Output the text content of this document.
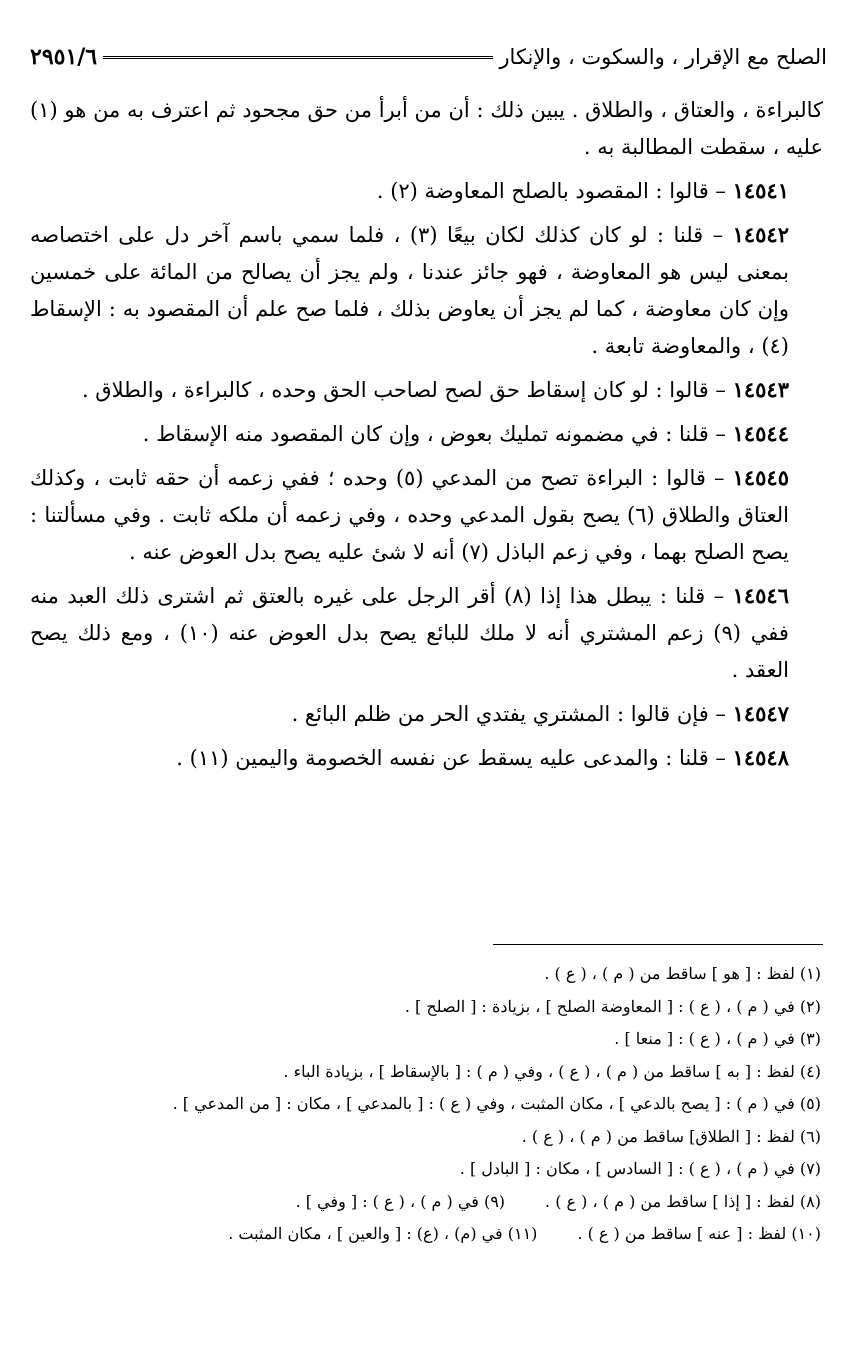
الصلح مع الإقرار ، والسكوت ، والإنكار
٢٩٥١/٦

كالبراءة ، والعتاق ، والطلاق . يبين ذلك : أن من أبرأ من حق مجحود ثم اعترف به من هو (١) عليه ، سقطت المطالبة به .

١٤٥٤١ – قالوا : المقصود بالصلح المعاوضة (٢) .

١٤٥٤٢ – قلنا : لو كان كذلك لكان بيعًا (٣) ، فلما سمي باسم آخر دل على اختصاصه بمعنى ليس هو المعاوضة ، فهو جائز عندنا ، ولم يجز أن يصالح من المائة على خمسين وإن كان معاوضة ، كما لم يجز أن يعاوض بذلك ، فلما صح علم أن المقصود به : الإسقاط (٤) ، والمعاوضة تابعة .

١٤٥٤٣ – قالوا : لو كان إسقاط حق لصح لصاحب الحق وحده ، كالبراءة ، والطلاق .

١٤٥٤٤ – قلنا : في مضمونه تمليك بعوض ، وإن كان المقصود منه الإسقاط .

١٤٥٤٥ – قالوا : البراءة تصح من المدعي (٥) وحده ؛ ففي زعمه أن حقه ثابت ، وكذلك العتاق والطلاق (٦) يصح بقول المدعي وحده ، وفي زعمه أن ملكه ثابت . وفي مسألتنا : يصح الصلح بهما ، وفي زعم الباذل (٧) أنه لا شئ عليه يصح بدل العوض عنه .

١٤٥٤٦ – قلنا : يبطل هذا إذا (٨) أقر الرجل على غيره بالعتق ثم اشترى ذلك العبد منه ففي (٩) زعم المشتري أنه لا ملك للبائع يصح بدل العوض عنه (١٠) ، ومع ذلك يصح العقد .

١٤٥٤٧ – فإن قالوا : المشتري يفتدي الحر من ظلم البائع .

١٤٥٤٨ – قلنا : والمدعى عليه يسقط عن نفسه الخصومة واليمين (١١) .

(١) لفظ : [ هو ] ساقط من ( م ) ، ( ع ) .
(٢) في ( م ) ، ( ع ) : [ المعاوضة الصلح ] ، بزيادة : [ الصلح ] .
(٣) في ( م ) ، ( ع ) : [ منعا ] .
(٤) لفظ : [ به ] ساقط من ( م ) ، ( ع ) ، وفي ( م ) : [ بالإسقاط ] ، بزيادة الباء .
(٥) في ( م ) : [ يصح بالدعي ] ، مكان المثبت ، وفي ( ع ) : [ بالمدعي ] ، مكان : [ من المدعي ] .
(٦) لفظ : [ الطلاق] ساقط من ( م ) ، ( ع ) .
(٧) في ( م ) ، ( ع ) : [ السادس ] ، مكان : [ البادل ] .
(٨) لفظ : [ إذا ] ساقط من ( م ) ، ( ع ) .
(٩) في ( م ) ، ( ع ) : [ وفي ] .
(١٠) لفظ : [ عنه ] ساقط من ( ع ) .
(١١) في (م) ، (ع) : [ والعين ] ، مكان المثبت .
